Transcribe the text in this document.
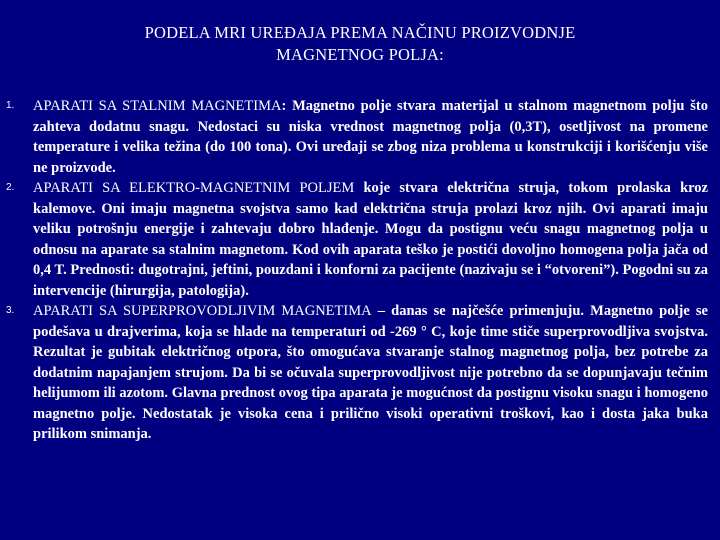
PODELA MRI UREĐAJA PREMA NAČINU PROIZVODNJE
MAGNETNOG POLJA:
1. APARATI SA STALNIM MAGNETIMA: Magnetno polje stvara materijal u stalnom magnetnom polju što zahteva dodatnu snagu. Nedostaci su niska vrednost magnetnog polja (0,3T), osetljivost na promene temperature i velika težina (do 100 tona). Ovi uređaji se zbog niza problema u konstrukciji i korišćenju više ne proizvode.
2. APARATI SA ELEKTRO-MAGNETNIM POLJEM koje stvara električna struja, tokom prolaska kroz kalemove. Oni imaju magnetna svojstva samo kad električna struja prolazi kroz njih. Ovi aparati imaju veliku potrošnju energije i zahtevaju dobro hlađenje. Mogu da postignu veću snagu magnetnog polja u odnosu na aparate sa stalnim magnetom. Kod ovih aparata teško je postići dovoljno homogena polja jača od 0,4 T. Prednosti: dugotrajni, jeftini, pouzdani i konforni za pacijente (nazivaju se i “otvoreni”). Pogodni su za intervencije (hirurgija, patologija).
3. APARATI SA SUPERPROVODLJIVIM MAGNETIMA – danas se najčešće primenjuju. Magnetno polje se podešava u drajverima, koja se hlade na temperaturi od -269 ° C, koje time stiče superprovodljiva svojstva. Rezultat je gubitak električnog otpora, što omogućava stvaranje stalnog magnetnog polja, bez potrebe za dodatnim napajanjem strujom. Da bi se očuvala superprovodljivost nije potrebno da se dopunjavaju tečnim helijumom ili azotom. Glavna prednost ovog tipa aparata je mogućnost da postignu visoku snagu i homogeno magnetno polje. Nedostatak je visoka cena i prilično visoki operativni troškovi, kao i dosta jaka buka prilikom snimanja.
